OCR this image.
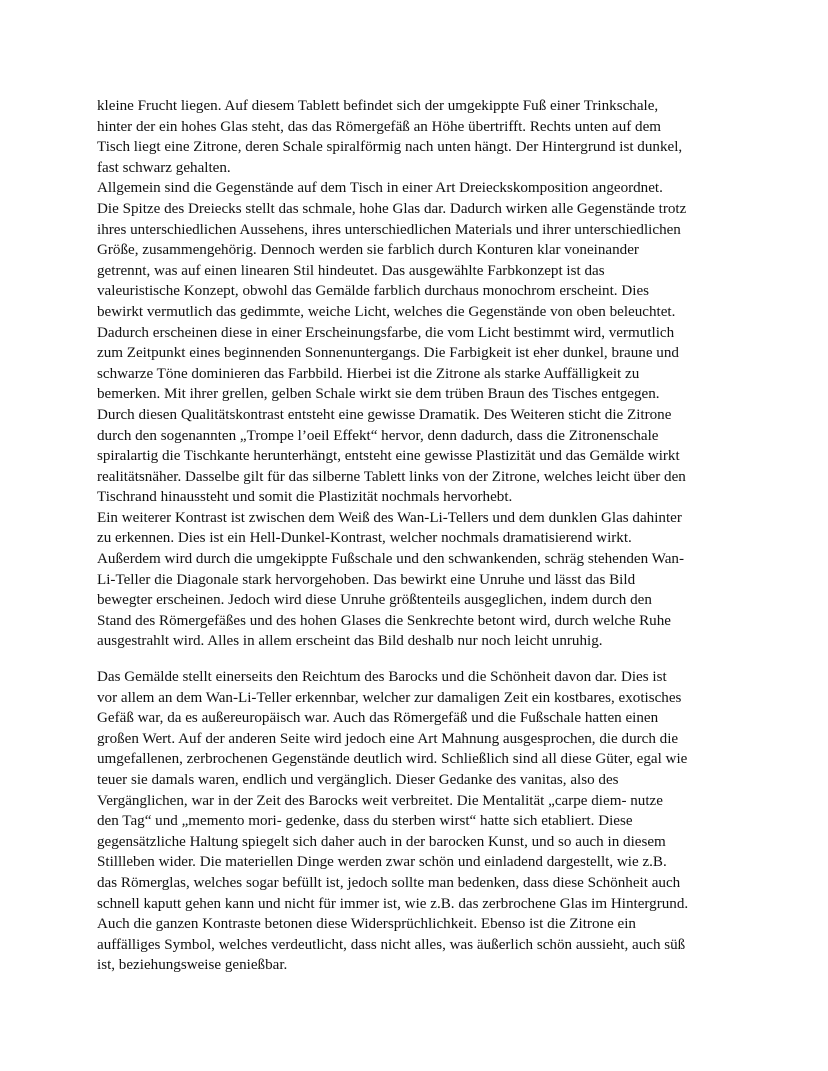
kleine Frucht liegen. Auf diesem Tablett befindet sich der umgekippte Fuß einer Trinkschale,
hinter der ein hohes Glas steht, das das Römergefäß an Höhe übertrifft. Rechts unten auf dem
Tisch liegt eine Zitrone, deren Schale spiralförmig nach unten hängt. Der Hintergrund ist dunkel,
fast schwarz gehalten.
Allgemein sind die Gegenstände auf dem Tisch in einer Art Dreieckskomposition angeordnet.
Die Spitze des Dreiecks stellt das schmale, hohe Glas dar. Dadurch wirken alle Gegenstände trotz
ihres unterschiedlichen Aussehens, ihres unterschiedlichen Materials und ihrer unterschiedlichen
Größe, zusammengehörig. Dennoch werden sie farblich durch Konturen klar voneinander
getrennt, was auf einen linearen Stil hindeutet. Das ausgewählte Farbkonzept ist das
valeuristische Konzept, obwohl das Gemälde farblich durchaus monochrom erscheint. Dies
bewirkt vermutlich das gedimmte, weiche Licht, welches die Gegenstände von oben beleuchtet.
Dadurch erscheinen diese in einer Erscheinungsfarbe, die vom Licht bestimmt wird, vermutlich
zum Zeitpunkt eines beginnenden Sonnenuntergangs. Die Farbigkeit ist eher dunkel, braune und
schwarze Töne dominieren das Farbbild. Hierbei ist die Zitrone als starke Auffälligkeit zu
bemerken. Mit ihrer grellen, gelben Schale wirkt sie dem trüben Braun des Tisches entgegen.
Durch diesen Qualitätskontrast entsteht eine gewisse Dramatik. Des Weiteren sticht die Zitrone
durch den sogenannten „Trompe l’oeil Effekt“ hervor, denn dadurch, dass die Zitronenschale
spiralartig die Tischkante herunterhängt, entsteht eine gewisse Plastizität und das Gemälde wirkt
realitätsnäher. Dasselbe gilt für das silberne Tablett links von der Zitrone, welches leicht über den
Tischrand hinaussteht und somit die Plastizität nochmals hervorhebt.
Ein weiterer Kontrast ist zwischen dem Weiß des Wan-Li-Tellers und dem dunklen Glas dahinter
zu erkennen. Dies ist ein Hell-Dunkel-Kontrast, welcher nochmals dramatisierend wirkt.
Außerdem wird durch die umgekippte Fußschale und den schwankenden, schräg stehenden Wan-
Li-Teller die Diagonale stark hervorgehoben. Das bewirkt eine Unruhe und lässt das Bild
bewegter erscheinen. Jedoch wird diese Unruhe größtenteils ausgeglichen, indem durch den
Stand des Römergefäßes und des hohen Glases die Senkrechte betont wird, durch welche Ruhe
ausgestrahlt wird. Alles in allem erscheint das Bild deshalb nur noch leicht unruhig.
Das Gemälde stellt einerseits den Reichtum des Barocks und die Schönheit davon dar. Dies ist
vor allem an dem Wan-Li-Teller erkennbar, welcher zur damaligen Zeit ein kostbares, exotisches
Gefäß war, da es außereuropäisch war. Auch das Römergefäß und die Fußschale hatten einen
großen Wert. Auf der anderen Seite wird jedoch eine Art Mahnung ausgesprochen, die durch die
umgefallenen, zerbrochenen Gegenstände deutlich wird. Schließlich sind all diese Güter, egal wie
teuer sie damals waren, endlich und vergänglich. Dieser Gedanke des vanitas, also des
Vergänglichen, war in der Zeit des Barocks weit verbreitet. Die Mentalität „carpe diem- nutze
den Tag“ und „memento mori- gedenke, dass du sterben wirst“ hatte sich etabliert. Diese
gegensätzliche Haltung spiegelt sich daher auch in der barocken Kunst, und so auch in diesem
Stillleben wider. Die materiellen Dinge werden zwar schön und einladend dargestellt, wie z.B.
das Römerglas, welches sogar befüllt ist, jedoch sollte man bedenken, dass diese Schönheit auch
schnell kaputt gehen kann und nicht für immer ist, wie z.B. das zerbrochene Glas im Hintergrund.
Auch die ganzen Kontraste betonen diese Widersprüchlichkeit. Ebenso ist die Zitrone ein
auffälliges Symbol, welches verdeutlicht, dass nicht alles, was äußerlich schön aussieht, auch süß
ist, beziehungsweise genießbar.
